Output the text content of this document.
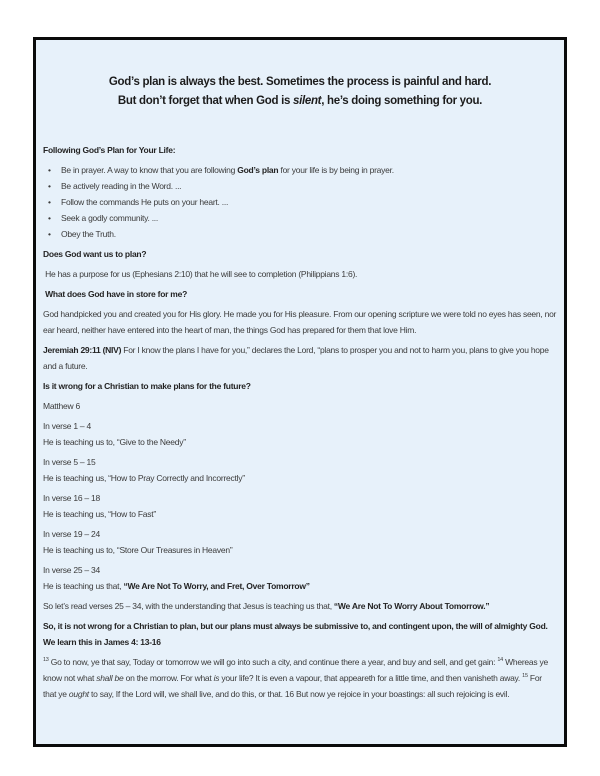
God’s plan is always the best. Sometimes the process is painful and hard.
But don’t forget that when God is silent, he’s doing something for you.
Following God’s Plan for Your Life:
• Be in prayer. A way to know that you are following God’s plan for your life is by being in prayer.
• Be actively reading in the Word. ...
• Follow the commands He puts on your heart. ...
• Seek a godly community. ...
• Obey the Truth.
Does God want us to plan?
He has a purpose for us (Ephesians 2:10) that he will see to completion (Philippians 1:6).
What does God have in store for me?
God handpicked you and created you for His glory. He made you for His pleasure. From our opening scripture we were told no eyes has seen, nor ear heard, neither have entered into the heart of man, the things God has prepared for them that love Him.
Jeremiah 29:11 (NIV) For I know the plans I have for you,” declares the Lord, “plans to prosper you and not to harm you, plans to give you hope and a future.
Is it wrong for a Christian to make plans for the future?
Matthew 6
In verse 1 – 4
He is teaching us to, “Give to the Needy”
In verse 5 – 15
He is teaching us, “How to Pray Correctly and Incorrectly”
In verse 16 – 18
He is teaching us, “How to Fast”
In verse 19 – 24
He is teaching us to, “Store Our Treasures in Heaven”
In verse 25 – 34
He is teaching us that, “We Are Not To Worry, and Fret, Over Tomorrow”
So let’s read verses 25 – 34, with the understanding that Jesus is teaching us that, “We Are Not To Worry About Tomorrow.”
So, it is not wrong for a Christian to plan, but our plans must always be submissive to, and contingent upon, the will of almighty God. We learn this in James 4: 13-16
$^{13}$ Go to now, ye that say, Today or tomorrow we will go into such a city, and continue there a year, and buy and sell, and get gain: $^{14}$ Whereas ye know not what shall be on the morrow. For what is your life? It is even a vapour, that appeareth for a little time, and then vanisheth away. $^{15}$ For that ye ought to say, If the Lord will, we shall live, and do this, or that. 16 But now ye rejoice in your boastings: all such rejoicing is evil.
